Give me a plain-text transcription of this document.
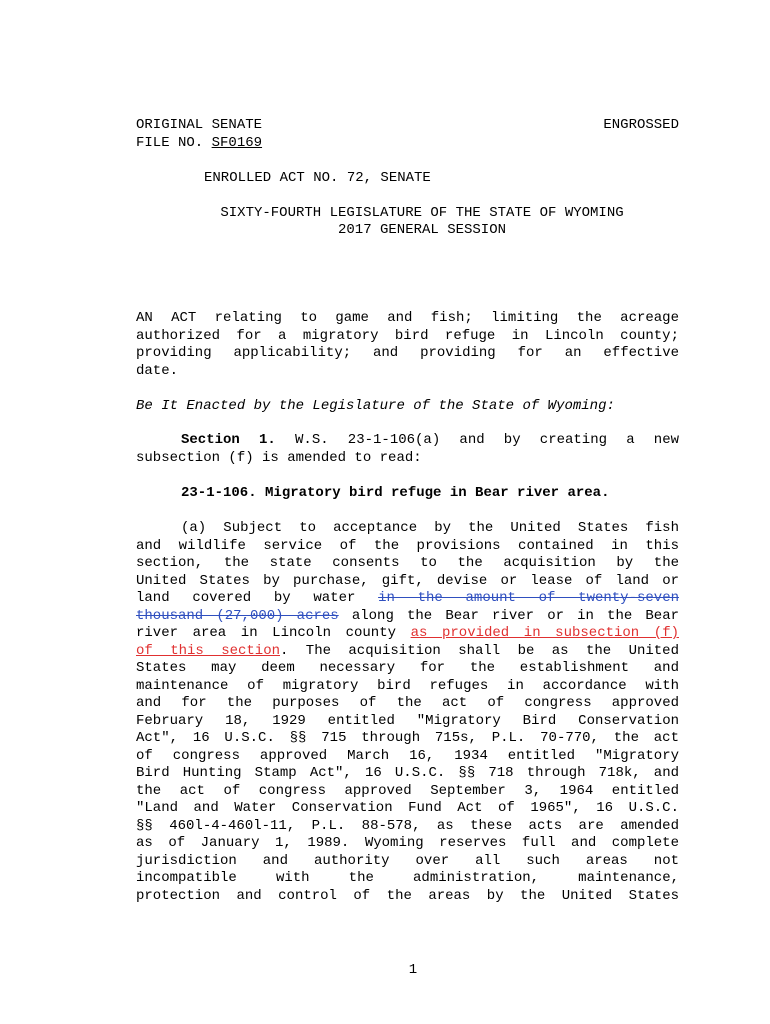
ORIGINAL SENATE	ENGROSSED
FILE NO. SF0169
ENROLLED ACT NO. 72, SENATE
SIXTY-FOURTH LEGISLATURE OF THE STATE OF WYOMING
2017 GENERAL SESSION
AN ACT relating to game and fish; limiting the acreage
authorized for a migratory bird refuge in Lincoln county;
providing applicability; and providing for an effective
date.
Be It Enacted by the Legislature of the State of Wyoming:
Section 1. W.S. 23-1-106(a) and by creating a new
subsection (f) is amended to read:
23-1-106. Migratory bird refuge in Bear river area.
(a) Subject to acceptance by the United States fish
and wildlife service of the provisions contained in this
section, the state consents to the acquisition by the
United States by purchase, gift, devise or lease of land or
land covered by water in the amount of twenty-seven
thousand (27,000) acres along the Bear river or in the Bear
river area in Lincoln county as provided in subsection (f)
of this section. The acquisition shall be as the United
States may deem necessary for the establishment and
maintenance of migratory bird refuges in accordance with
and for the purposes of the act of congress approved
February 18, 1929 entitled "Migratory Bird Conservation
Act", 16 U.S.C. §§ 715 through 715s, P.L. 70-770, the act
of congress approved March 16, 1934 entitled "Migratory
Bird Hunting Stamp Act", 16 U.S.C. §§ 718 through 718k, and
the act of congress approved September 3, 1964 entitled
"Land and Water Conservation Fund Act of 1965", 16 U.S.C.
§§ 460l-4-460l-11, P.L. 88-578, as these acts are amended
as of January 1, 1989. Wyoming reserves full and complete
jurisdiction and authority over all such areas not
incompatible with the administration, maintenance,
protection and control of the areas by the United States
1
